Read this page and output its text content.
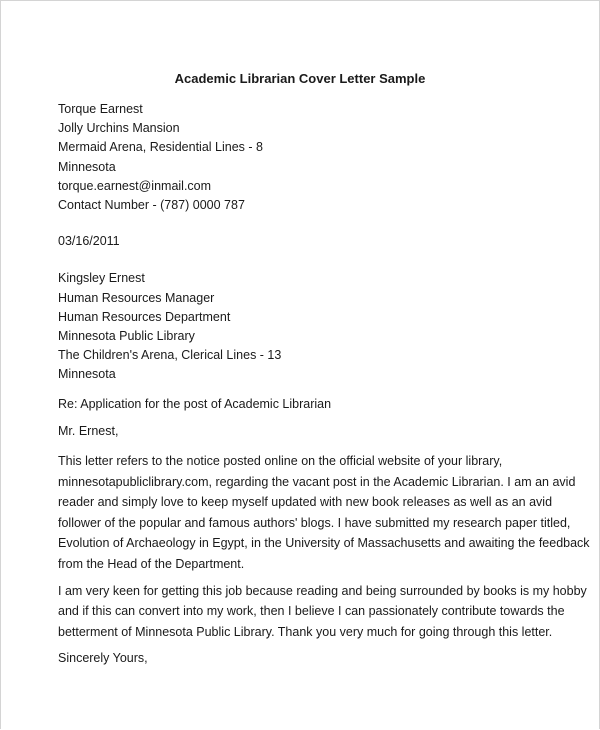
Academic Librarian Cover Letter Sample
Torque Earnest
Jolly Urchins Mansion
Mermaid Arena, Residential Lines - 8
Minnesota
torque.earnest@inmail.com
Contact Number - (787) 0000 787
03/16/2011
Kingsley Ernest
Human Resources Manager
Human Resources Department
Minnesota Public Library
The Children's Arena, Clerical Lines - 13
Minnesota
Re: Application for the post of Academic Librarian
Mr. Ernest,
This letter refers to the notice posted online on the official website of your library,
minnesotapubliclibrary.com, regarding the vacant post in the Academic Librarian. I am an avid
reader and simply love to keep myself updated with new book releases as well as an avid
follower of the popular and famous authors' blogs. I have submitted my research paper titled,
Evolution of Archaeology in Egypt, in the University of Massachusetts and awaiting the feedback
from the Head of the Department.
I am very keen for getting this job because reading and being surrounded by books is my hobby
and if this can convert into my work, then I believe I can passionately contribute towards the
betterment of Minnesota Public Library. Thank you very much for going through this letter.
Sincerely Yours,
